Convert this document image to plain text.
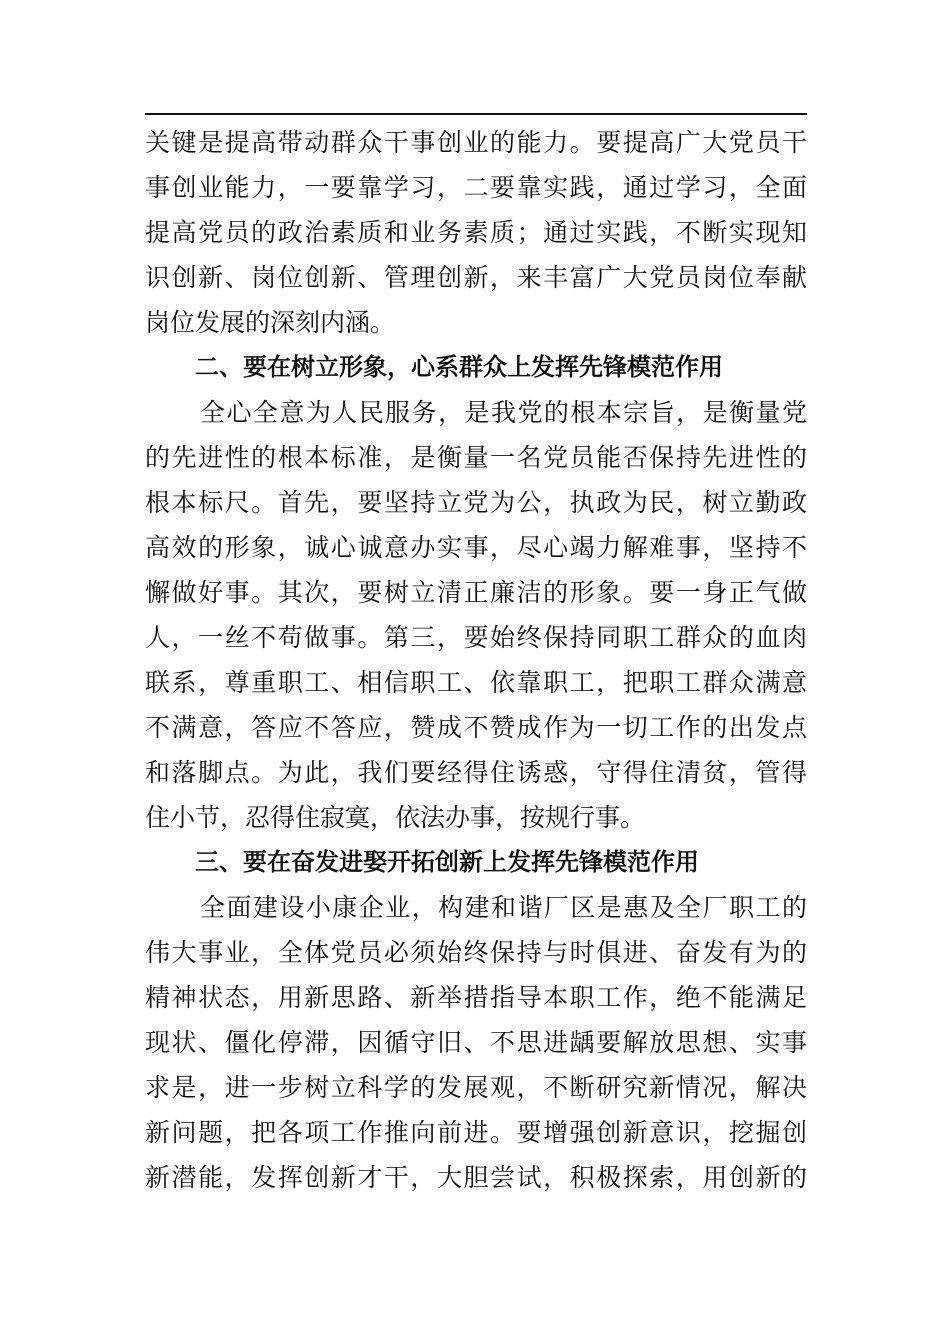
关键是提高带动群众干事创业的能力。要提高广大党员干
事创业能力，一要靠学习，二要靠实践，通过学习，全面
提高党员的政治素质和业务素质；通过实践，不断实现知
识创新、岗位创新、管理创新，来丰富广大党员岗位奉献
岗位发展的深刻内涵。
二、要在树立形象，心系群众上发挥先锋模范作用
全心全意为人民服务，是我党的根本宗旨，是衡量党
的先进性的根本标准，是衡量一名党员能否保持先进性的
根本标尺。首先，要坚持立党为公，执政为民，树立勤政
高效的形象，诚心诚意办实事，尽心竭力解难事，坚持不
懈做好事。其次，要树立清正廉洁的形象。要一身正气做
人，一丝不苟做事。第三，要始终保持同职工群众的血肉
联系，尊重职工、相信职工、依靠职工，把职工群众满意
不满意，答应不答应，赞成不赞成作为一切工作的出发点
和落脚点。为此，我们要经得住诱惑，守得住清贫，管得
住小节，忍得住寂寞，依法办事，按规行事。
三、要在奋发进娶开拓创新上发挥先锋模范作用
全面建设小康企业，构建和谐厂区是惠及全厂职工的
伟大事业，全体党员必须始终保持与时俱进、奋发有为的
精神状态，用新思路、新举措指导本职工作，绝不能满足
现状、僵化停滞，因循守旧、不思进龋要解放思想、实事
求是，进一步树立科学的发展观，不断研究新情况，解决
新问题，把各项工作推向前进。要增强创新意识，挖掘创
新潜能，发挥创新才干，大胆尝试，积极探索，用创新的
